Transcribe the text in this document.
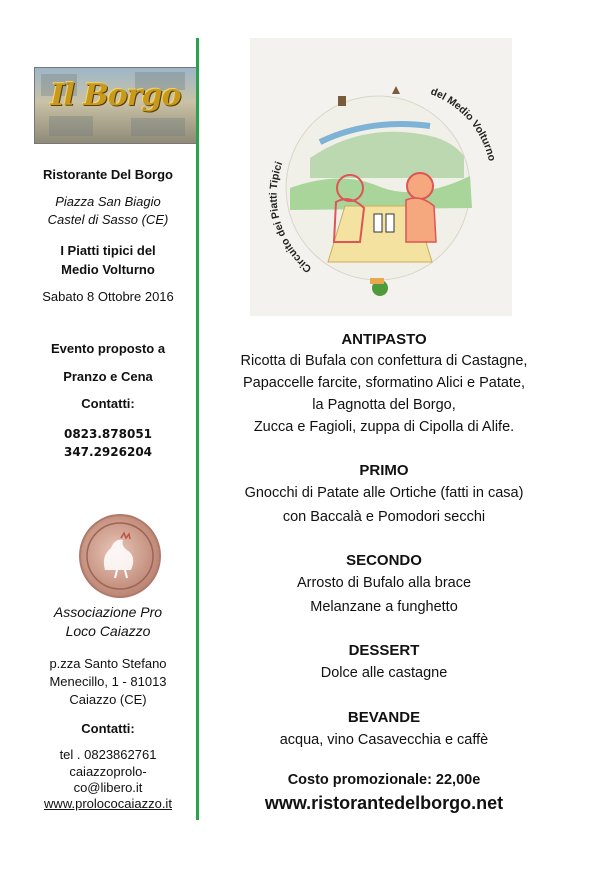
Il Borgo
Ristorante Del Borgo
Piazza San Biagio
Castel di Sasso (CE)
I Piatti tipici del
Medio Volturno
Sabato 8 Ottobre 2016
Evento proposto a
Pranzo e Cena
Contatti:
0823.878051
347.2926204
Associazione Pro
Loco Caiazzo
p.zza Santo Stefano
Menecillo, 1 - 81013
Caiazzo (CE)
Contatti:
tel . 0823862761
caiazzoprolo-
co@libero.it
www.prolococaiazzo.it
Circuito dei Piatti Tipici
del Medio Volturno
ANTIPASTO
Ricotta di Bufala con confettura di Castagne,
Papaccelle farcite, sformatino Alici e Patate,
la Pagnotta del Borgo,
Zucca e Fagioli, zuppa di Cipolla di Alife.
PRIMO
Gnocchi di Patate alle Ortiche (fatti in casa)
con Baccalà e Pomodori secchi
SECONDO
Arrosto di Bufalo alla brace
Melanzane a funghetto
DESSERT
Dolce alle castagne
BEVANDE
acqua, vino Casavecchia e caffè
Costo promozionale: 22,00e
www.ristorantedelborgo.net
